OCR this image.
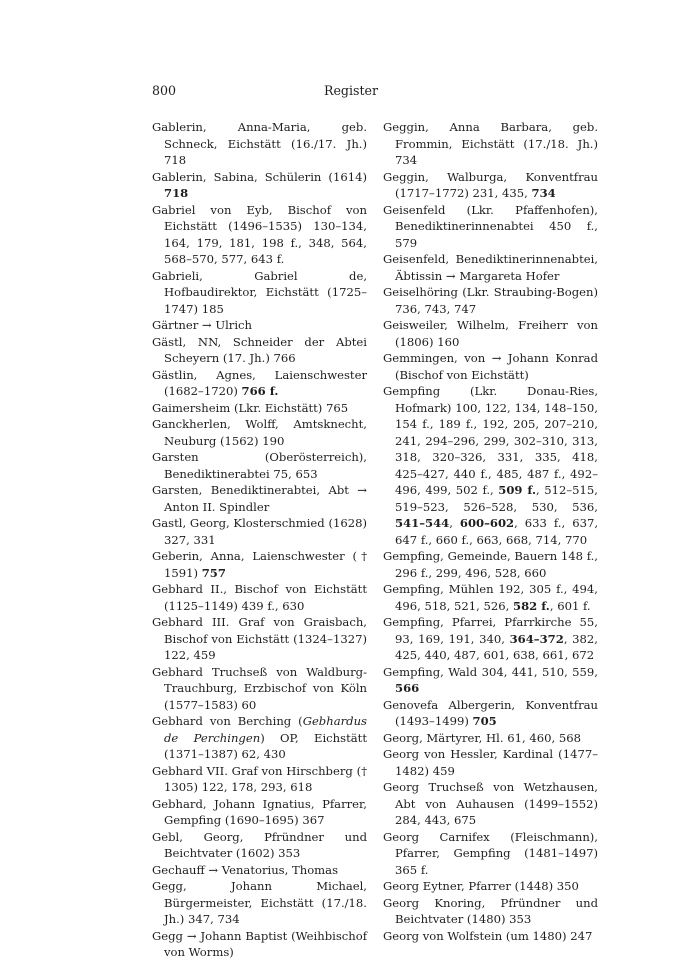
800	Register

Gablerin, Anna-Maria, geb. Schneck, Eichstätt (16./17. Jh.) 718

Gablerin, Sabina, Schülerin (1614) 718

Gabriel von Eyb, Bischof von Eichstätt (1496–1535) 130–134, 164, 179, 181, 198 f., 348, 564, 568–570, 577, 643 f.

Gabrieli, Gabriel de, Hofbaudirektor, Eichstätt (1725–1747) 185

Gärtner → Ulrich

Gästl, NN, Schneider der Abtei Scheyern (17. Jh.) 766

Gästlin, Agnes, Laienschwester (1682–1720) 766 f.

Gaimersheim (Lkr. Eichstätt) 765

Ganckherlen, Wolff, Amtsknecht, Neuburg (1562) 190

Garsten (Oberösterreich), Benediktinerabtei 75, 653

Garsten, Benediktinerabtei, Abt → Anton II. Spindler

Gastl, Georg, Klosterschmied (1628) 327, 331

Geberin, Anna, Laienschwester († 1591) 757

Gebhard II., Bischof von Eichstätt (1125–1149) 439 f., 630

Gebhard III. Graf von Graisbach, Bischof von Eichstätt (1324–1327) 122, 459

Gebhard Truchseß von Waldburg-Trauchburg, Erzbischof von Köln (1577–1583) 60

Gebhard von Berching (Gebhardus de Perchingen) OP, Eichstätt (1371–1387) 62, 430

Gebhard VII. Graf von Hirschberg († 1305) 122, 178, 293, 618

Gebhard, Johann Ignatius, Pfarrer, Gempfing (1690–1695) 367

Gebl, Georg, Pfründner und Beichtvater (1602) 353

Gechauff → Venatorius, Thomas

Gegg, Johann Michael, Bürgermeister, Eichstätt (17./18. Jh.) 347, 734

Gegg → Johann Baptist (Weihbischof von Worms)

Geggin, Anna Barbara, geb. Frommin, Eichstätt (17./18. Jh.) 734

Geggin, Walburga, Konventfrau (1717–1772) 231, 435, 734

Geisenfeld (Lkr. Pfaffenhofen), Benediktinerinnenabtei 450 f., 579

Geisenfeld, Benediktinerinnenabtei, Äbtissin → Margareta Hofer

Geiselhöring (Lkr. Straubing-Bogen) 736, 743, 747

Geisweiler, Wilhelm, Freiherr von (1806) 160

Gemmingen, von → Johann Konrad (Bischof von Eichstätt)

Gempfing (Lkr. Donau-Ries, Hofmark) 100, 122, 134, 148–150, 154 f., 189 f., 192, 205, 207–210, 241, 294–296, 299, 302–310, 313, 318, 320–326, 331, 335, 418, 425–427, 440 f., 485, 487 f., 492–496, 499, 502 f., 509 f., 512–515, 519–523, 526–528, 530, 536, 541–544, 600–602, 633 f., 637, 647 f., 660 f., 663, 668, 714, 770

Gempfing, Gemeinde, Bauern 148 f., 296 f., 299, 496, 528, 660

Gempfing, Mühlen 192, 305 f., 494, 496, 518, 521, 526, 582 f., 601 f.

Gempfing, Pfarrei, Pfarrkirche 55, 93, 169, 191, 340, 364–372, 382, 425, 440, 487, 601, 638, 661, 672

Gempfing, Wald 304, 441, 510, 559, 566

Genovefa Albergerin, Konventfrau (1493–1499) 705

Georg, Märtyrer, Hl. 61, 460, 568

Georg von Hessler, Kardinal (1477–1482) 459

Georg Truchseß von Wetzhausen, Abt von Auhausen (1499–1552) 284, 443, 675

Georg Carnifex (Fleischmann), Pfarrer, Gempfing (1481–1497) 365 f.

Georg Eytner, Pfarrer (1448) 350

Georg Knoring, Pfründner und Beichtvater (1480) 353

Georg von Wolfstein (um 1480) 247
